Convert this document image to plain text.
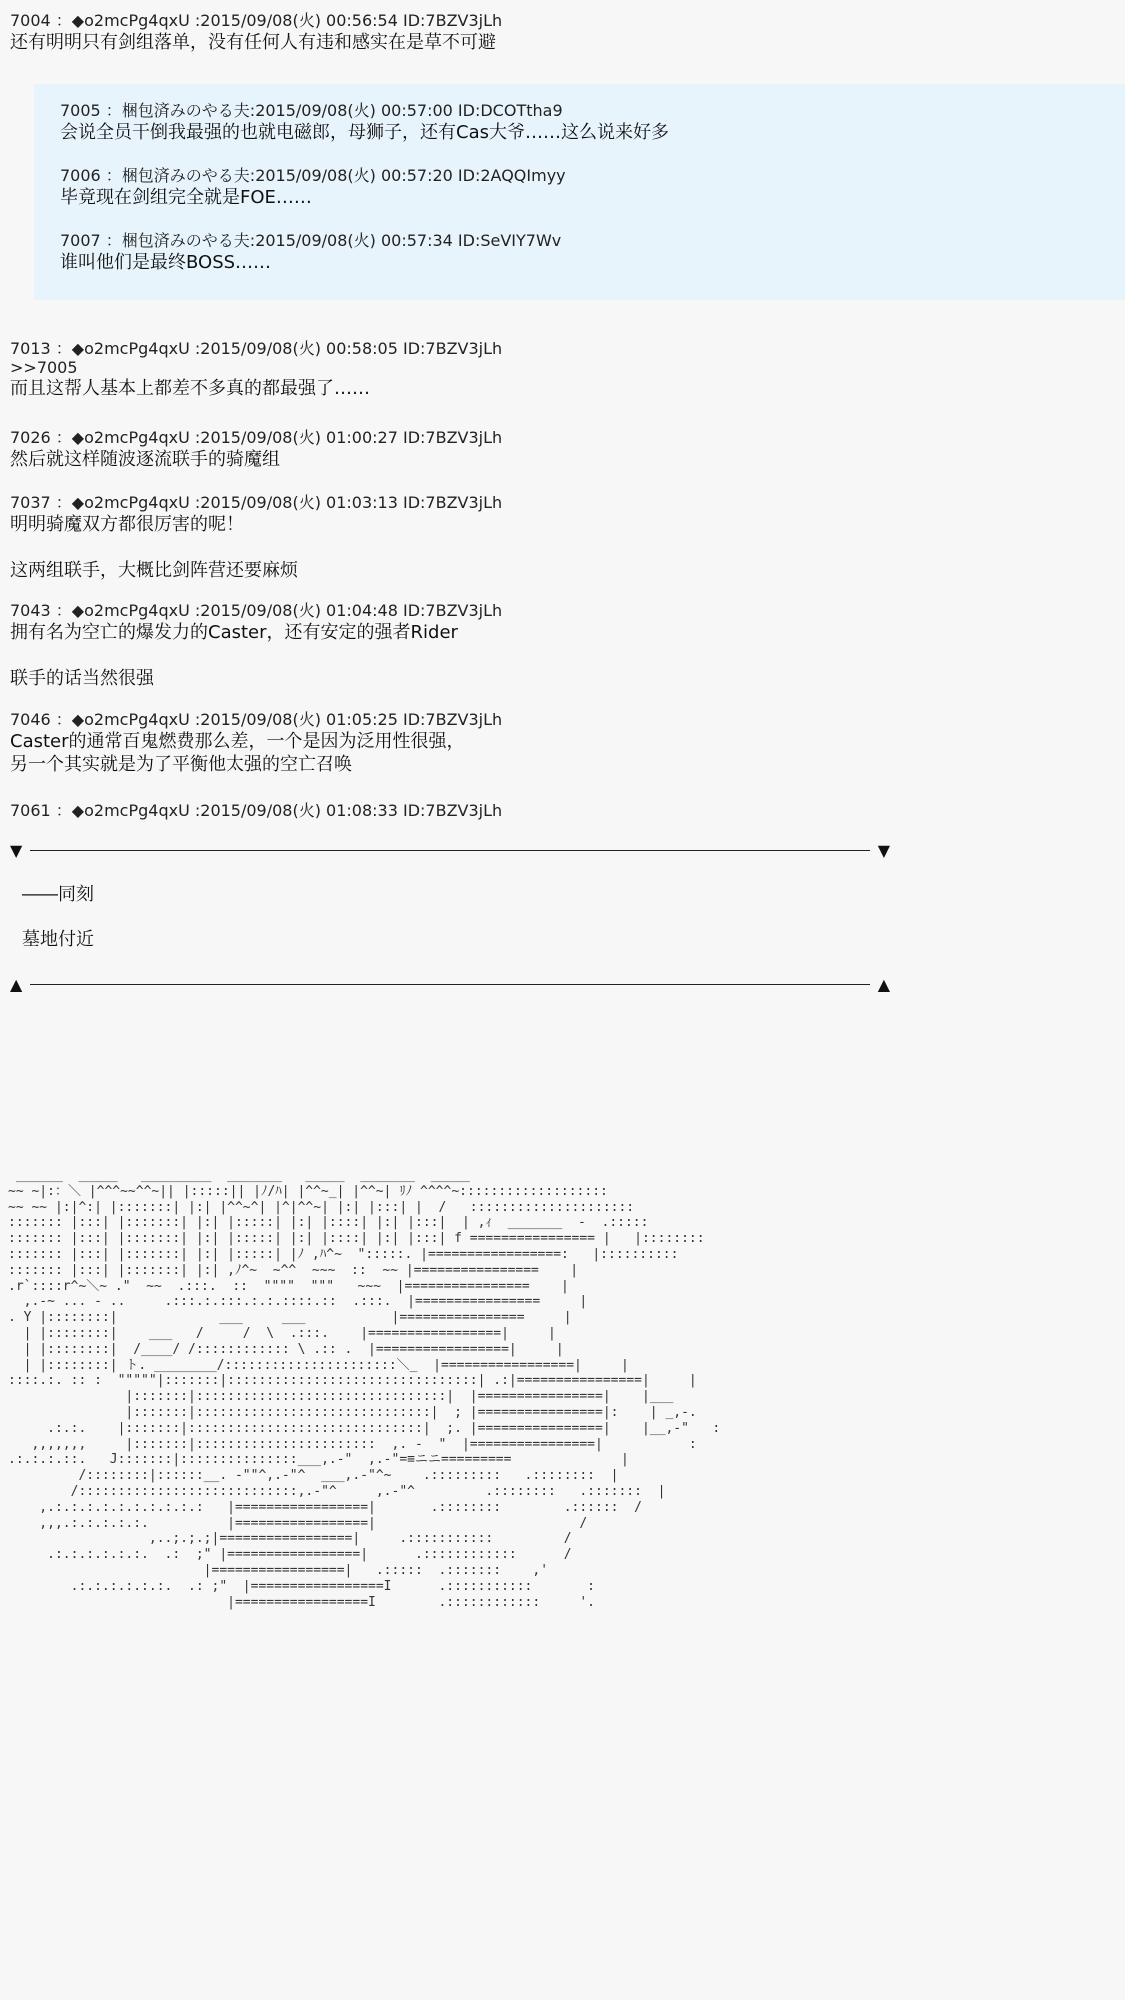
7004 ：◆o2mcPg4qxU :2015/09/08(火) 00:56:54 ID:7BZV3jLh
还有明明只有剑组落单，没有任何人有违和感实在是草不可避
7005 ：梱包済みのやる夫:2015/09/08(火) 00:57:00 ID:DCOTtha9
会说全员干倒我最强的也就电磁郎，母狮子，还有Cas大爷……这么说来好多
7006 ：梱包済みのやる夫:2015/09/08(火) 00:57:20 ID:2AQQImyy
毕竟现在剑组完全就是FOE……
7007 ：梱包済みのやる夫:2015/09/08(火) 00:57:34 ID:SeVIY7Wv
谁叫他们是最终BOSS……
7013 ：◆o2mcPg4qxU :2015/09/08(火) 00:58:05 ID:7BZV3jLh
>>7005
而且这帮人基本上都差不多真的都最强了……
7026 ：◆o2mcPg4qxU :2015/09/08(火) 01:00:27 ID:7BZV3jLh
然后就这样随波逐流联手的骑魔组
7037 ：◆o2mcPg4qxU :2015/09/08(火) 01:03:13 ID:7BZV3jLh
明明骑魔双方都很厉害的呢！

这两组联手，大概比剑阵营还要麻烦
7043 ：◆o2mcPg4qxU :2015/09/08(火) 01:04:48 ID:7BZV3jLh
拥有名为空亡的爆发力的Caster，还有安定的强者Rider

联手的话当然很强
7046 ：◆o2mcPg4qxU :2015/09/08(火) 01:05:25 ID:7BZV3jLh
Caster的通常百鬼燃费那么差，一个是因为泛用性很强，
另一个其实就是为了平衡他太强的空亡召唤
7061 ：◆o2mcPg4qxU :2015/09/08(火) 01:08:33 ID:7BZV3jLh
▼	▼
――同刻
墓地付近
▲	▲
______  _____   _________  _______   _____  _______  _____
~~ ~|:：＼ |^^^~~^^~|| |:::::|| |ﾉ/ﾊ| |^^~_| |^^~| ﾘﾉ ^^^^~:::::::::::::::::::
~~ ~~ |:|^:| |:::::::| |:| |^^~^| |^|^^~| |:| |:::| |  /   :::::::::::::::::::::
::::::: |:::| |:::::::| |:| |:::::| |:| |::::| |:| |:::|  | ,ｨ  _______  -  .:::::
::::::: |:::| |:::::::| |:| |:::::| |:| |::::| |:| |:::| f ================ |   |::::::::
::::::: |:::| |:::::::| |:| |:::::| |ﾉ ,ﾊ^~  ":::::. |=================:   |::::::::::
::::::: |:::| |:::::::| |:| ,ﾉ^~  ~^^  ~~~  ::  ~~ |================    |
.r`::::r^~＼~ ."  ~~  .:::.  ::  """"  """   ~~~  |================    |
,.-~ ... - ..     .:::.:.:::.:.:.::::.::  .:::.  |================     |
. Y |::::::::|             ___     ___           |================     |
| |::::::::|    ___   /     /  \  .:::.    |=================|     |
| |::::::::|  /____/ /:::::::::::: \ .:: .  |=================|     |
| |::::::::| ト. ________/::::::::::::::::::::::＼_  |=================|     |
::::.:. :: :  """""|:::::::|::::::::::::::::::::::::::::::::| .:|================|     |
|:::::::|::::::::::::::::::::::::::::::::|  |================|    |___
|:::::::|::::::::::::::::::::::::::::::|  ; |================|:    | _,-.
.:.:.    |:::::::|::::::::::::::::::::::::::::::|  ;. |================|    |__,-"   :
,,,,,,,     |:::::::|:::::::::::::::::::::::  ,. -  "  |================|           :
.:.:.:.::.   J:::::::|:::::::::::::::___,.-"  ,.-"=≡ニニ=========              |
/::::::::|::::::__. -""^,.-"^  ___,.-"^~    .:::::::::   .::::::::  |
/::::::::::::::::::::::::::::,.-"^     ,.-"^         .::::::::   .:::::::  |
,.:.:.:.:.:.:.:.:.:.:   |=================|       .::::::::        .::::::  /
,,,.:.:.:.:.:.          |=================|                          /
,..;.;.;|=================|     .:::::::::::         /
.:.:.:.:.:.:.  .:  ;" |=================|      .::::::::::::      /
|=================|   .:::::  .:::::::    ,'
.:.:.:.:.:.:.  .: ;"  |=================I      .:::::::::::       :
|=================I        .::::::::::::     '.
